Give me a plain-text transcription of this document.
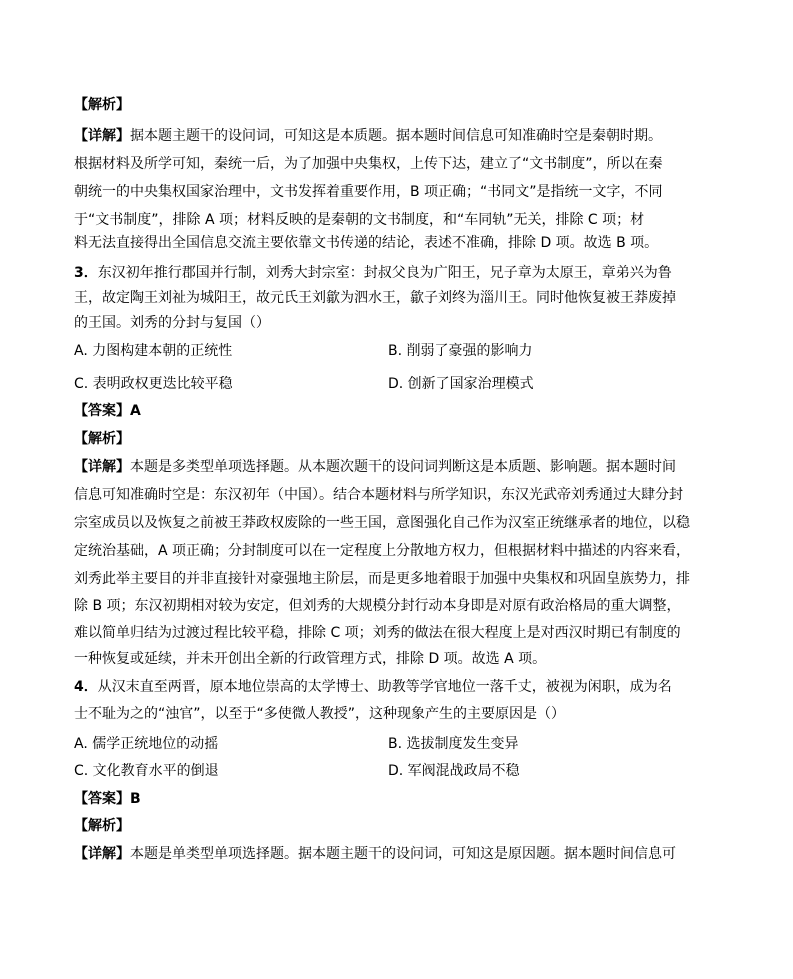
【解析】
【详解】据本题主题干的设问词，可知这是本质题。据本题时间信息可知准确时空是秦朝时期。
根据材料及所学可知，秦统一后，为了加强中央集权，上传下达，建立了“文书制度”，所以在秦
朝统一的中央集权国家治理中，文书发挥着重要作用，B 项正确；“书同文”是指统一文字，不同
于“文书制度”，排除 A 项；材料反映的是秦朝的文书制度，和“车同轨”无关，排除 C 项；材
料无法直接得出全国信息交流主要依靠文书传递的结论，表述不准确，排除 D 项。故选 B 项。
3．东汉初年推行郡国并行制，刘秀大封宗室：封叔父良为广阳王，兄子章为太原王，章弟兴为鲁
王，故定陶王刘祉为城阳王，故元氏王刘歙为泗水王，歙子刘终为淄川王。同时他恢复被王莽废掉
的王国。刘秀的分封与复国（）
A. 力图构建本朝的正统性	B. 削弱了豪强的影响力
C. 表明政权更迭比较平稳	D. 创新了国家治理模式
【答案】A
【解析】
【详解】本题是多类型单项选择题。从本题次题干的设问词判断这是本质题、影响题。据本题时间
信息可知准确时空是：东汉初年（中国）。结合本题材料与所学知识，东汉光武帝刘秀通过大肆分封
宗室成员以及恢复之前被王莽政权废除的一些王国，意图强化自己作为汉室正统继承者的地位，以稳
定统治基础，A 项正确；分封制度可以在一定程度上分散地方权力，但根据材料中描述的内容来看，
刘秀此举主要目的并非直接针对豪强地主阶层，而是更多地着眼于加强中央集权和巩固皇族势力，排
除 B 项；东汉初期相对较为安定，但刘秀的大规模分封行动本身即是对原有政治格局的重大调整，
难以简单归结为过渡过程比较平稳，排除 C 项；刘秀的做法在很大程度上是对西汉时期已有制度的
一种恢复或延续，并未开创出全新的行政管理方式，排除 D 项。故选 A 项。
4．从汉末直至两晋，原本地位崇高的太学博士、助教等学官地位一落千丈，被视为闲职，成为名
士不耻为之的“浊官”，以至于“多使微人教授”，这种现象产生的主要原因是（）
A. 儒学正统地位的动摇	B. 选拔制度发生变异
C. 文化教育水平的倒退	D. 军阀混战政局不稳
【答案】B
【解析】
【详解】本题是单类型单项选择题。据本题主题干的设问词，可知这是原因题。据本题时间信息可
